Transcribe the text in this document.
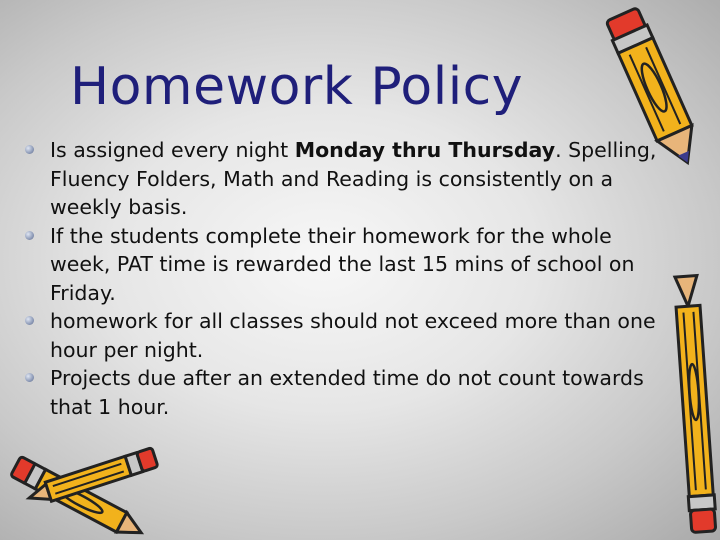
Homework Policy
Is assigned every night Monday thru Thursday. Spelling, Fluency Folders, Math and Reading is consistently on a weekly basis.
If the students complete their homework for the whole week, PAT time is rewarded the last 15 mins of school on Friday.
homework for all classes should not exceed more than one hour per night.
Projects due after an extended time do not count towards that 1 hour.
